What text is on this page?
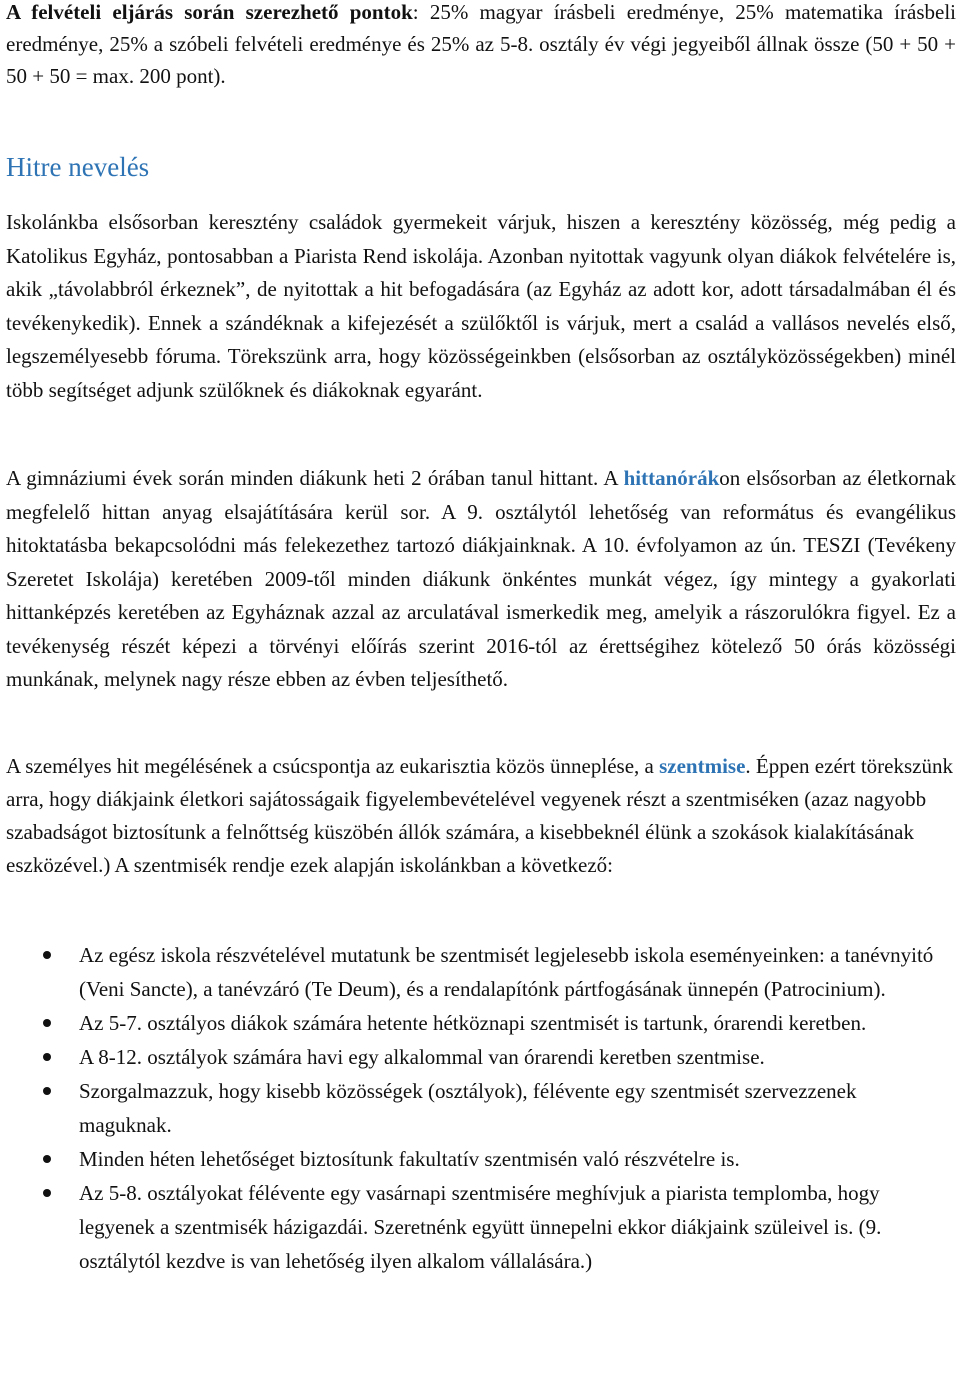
A felvételi eljárás során szerezhető pontok: 25% magyar írásbeli eredménye, 25% matematika írásbeli eredménye, 25% a szóbeli felvételi eredménye és 25% az 5-8. osztály év végi jegyeiből állnak össze (50 + 50 + 50 + 50 = max. 200 pont).

Hitre nevelés

Iskolánkba elsősorban keresztény családok gyermekeit várjuk, hiszen a keresztény közösség, még pedig a Katolikus Egyház, pontosabban a Piarista Rend iskolája. Azonban nyitottak vagyunk olyan diákok felvételére is, akik „távolabbról érkeznek”, de nyitottak a hit befogadására (az Egyház az adott kor, adott társadalmában él és tevékenykedik). Ennek a szándéknak a kifejezését a szülőktől is várjuk, mert a család a vallásos nevelés első, legszemélyesebb fóruma. Törekszünk arra, hogy közösségeinkben (elsősorban az osztályközösségekben) minél több segítséget adjunk szülőknek és diákoknak egyaránt.

A gimnáziumi évek során minden diákunk heti 2 órában tanul hittant. A hittanórákon elsősorban az életkornak megfelelő hittan anyag elsajátítására kerül sor. A 9. osztálytól lehetőség van református és evangélikus hitoktatásba bekapcsolódni más felekezethez tartozó diákjainknak. A 10. évfolyamon az ún. TESZI (Tevékeny Szeretet Iskolája) keretében 2009-től minden diákunk önkéntes munkát végez, így mintegy a gyakorlati hittanképzés keretében az Egyháznak azzal az arculatával ismerkedik meg, amelyik a rászorulókra figyel. Ez a tevékenység részét képezi a törvényi előírás szerint 2016-tól az érettségihez kötelező 50 órás közösségi munkának, melynek nagy része ebben az évben teljesíthető.

A személyes hit megélésének a csúcspontja az eukarisztia közös ünneplése, a szentmise. Éppen ezért törekszünk arra, hogy diákjaink életkori sajátosságaik figyelembevételével vegyenek részt a szentmiséken (azaz nagyobb szabadságot biztosítunk a felnőttség küszöbén állók számára, a kisebbeknél élünk a szokások kialakításának eszközével.) A szentmisék rendje ezek alapján iskolánkban a következő:

Az egész iskola részvételével mutatunk be szentmisét legjelesebb iskola eseményeinken: a tanévnyitó (Veni Sancte), a tanévzáró (Te Deum), és a rendalapítónk pártfogásának ünnepén (Patrocinium).
Az 5-7. osztályos diákok számára hetente hétköznapi szentmisét is tartunk, órarendi keretben.
A 8-12. osztályok számára havi egy alkalommal van órarendi keretben szentmise.
Szorgalmazzuk, hogy kisebb közösségek (osztályok), félévente egy szentmisét szervezzenek maguknak.
Minden héten lehetőséget biztosítunk fakultatív szentmisén való részvételre is.
Az 5-8. osztályokat félévente egy vasárnapi szentmisére meghívjuk a piarista templomba, hogy legyenek a szentmisék házigazdái. Szeretnénk együtt ünnepelni ekkor diákjaink szüleivel is. (9. osztálytól kezdve is van lehetőség ilyen alkalom vállalására.)
